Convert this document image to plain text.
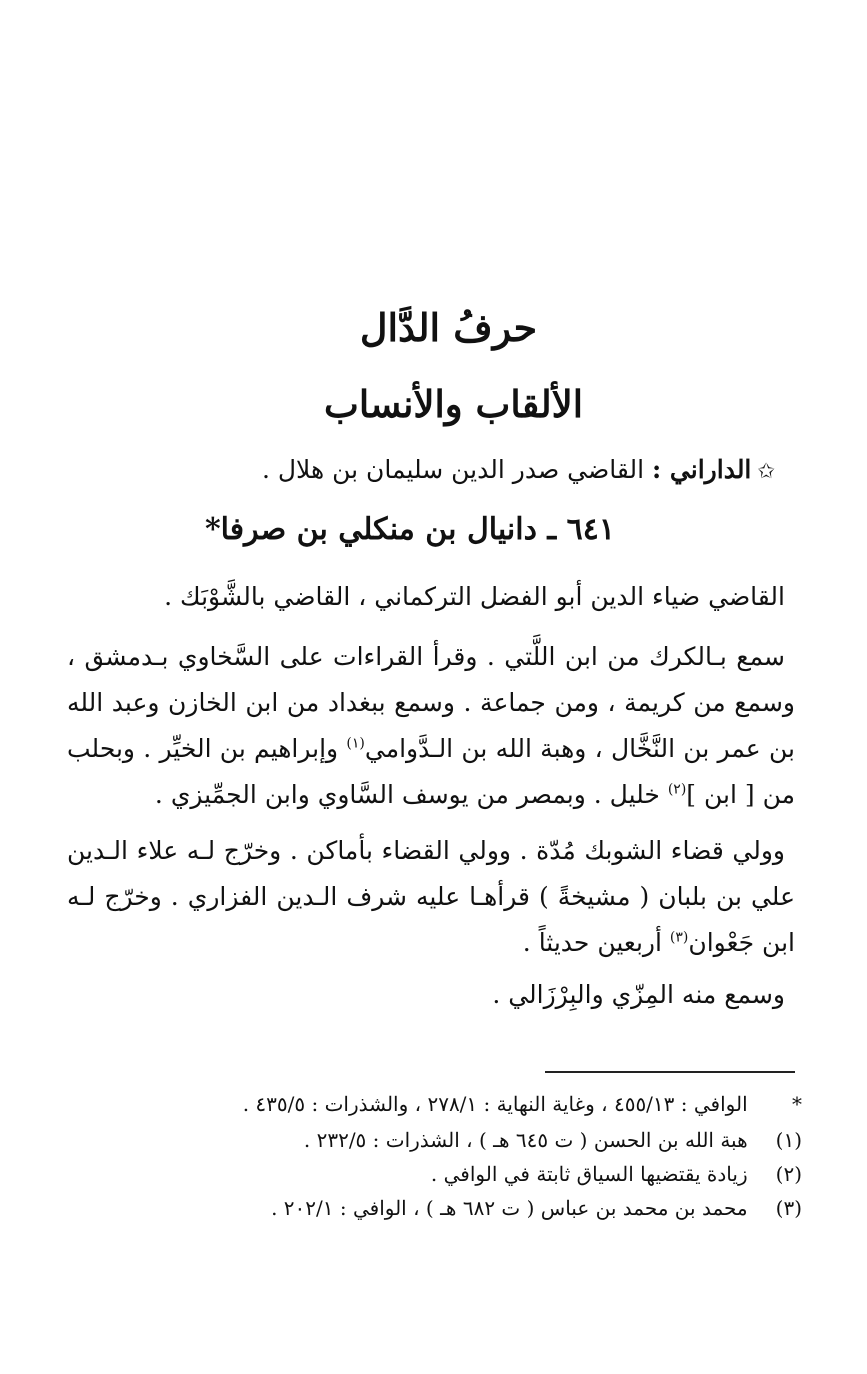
حرفُ الدَّال
الألقاب والأنساب
✩الداراني : القاضي صدر الدين سليمان بن هلال .
٦٤١ ـ دانيال بن منكلي بن صرفا*
القاضي ضياء الدين أبو الفضل التركماني ، القاضي بالشَّوْبَك .
سمع بـالكرك من ابن اللَّتي . وقرأ القراءات على السَّخاوي بـدمشق ، وسمع من كريمة ، ومن جماعة . وسمع ببغداد من ابن الخازن وعبد الله بن عمر بن النَّخَّال ، وهبة الله بن الـدَّوامي$^{(١)}$ وإبراهيم بن الخيِّر . وبحلب من [ ابن ]$^{(٢)}$ خليل . وبمصر من يوسف السَّاوي وابن الجمِّيزي .
وولي قضاء الشوبك مُدّة . وولي القضاء بأماكن . وخرّج لـه علاء الـدين علي بن بلبان ( مشيخةً ) قرأهـا عليه شرف الـدين الفزاري . وخرّج لـه ابن جَعْوان$^{(٣)}$ أربعين حديثاً .
وسمع منه المِزّي والبِرْزَالي .
* الوافي : ٤٥٥/١٣ ، وغاية النهاية : ٢٧٨/١ ، والشذرات : ٤٣٥/٥ .
(١) هبة الله بن الحسن ( ت ٦٤٥ هـ ) ، الشذرات : ٢٣٢/٥ .
(٢) زيادة يقتضيها السياق ثابتة في الوافي .
(٣) محمد بن محمد بن عباس ( ت ٦٨٢ هـ ) ، الوافي : ٢٠٢/١ .
